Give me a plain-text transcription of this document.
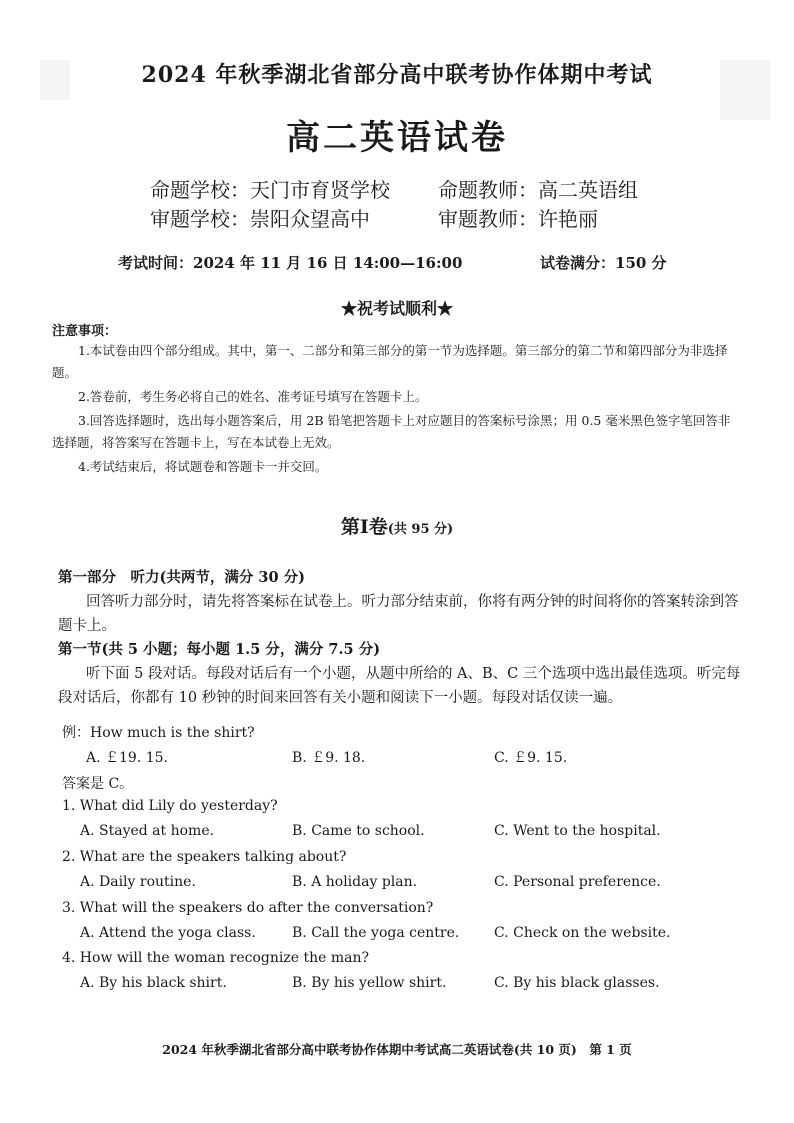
2024 年秋季湖北省部分高中联考协作体期中考试
高二英语试卷
命题学校：天门市育贤学校 命题教师：高二英语组
审题学校：崇阳众望高中	审题教师：许艳丽
考试时间：2024 年 11 月 16 日 14:00—16:00	试卷满分：150 分
★祝考试顺利★
注意事项：

1.本试卷由四个部分组成。其中，第一、二部分和第三部分的第一节为选择题。第三部分的第二节和第四部分为非选择题。

2.答卷前，考生务必将自己的姓名、准考证号填写在答题卡上。

3.回答选择题时，选出每小题答案后，用 2B 铅笔把答题卡上对应题目的答案标号涂黑；用 0.5 毫米黑色签字笔回答非选择题，将答案写在答题卡上，写在本试卷上无效。

4.考试结束后，将试题卷和答题卡一并交回。

第Ⅰ卷(共 95 分)

第一部分　听力(共两节，满分 30 分)

回答听力部分时，请先将答案标在试卷上。听力部分结束前，你将有两分钟的时间将你的答案转涂到答题卡上。

第一节(共 5 小题；每小题 1.5 分，满分 7.5 分)

听下面 5 段对话。每段对话后有一个小题，从题中所给的 A、B、C 三个选项中选出最佳选项。听完每段对话后，你都有 10 秒钟的时间来回答有关小题和阅读下一小题。每段对话仅读一遍。

例：How much is the shirt?
A. ￡19. 15.	B. ￡9. 18.	C. ￡9. 15.
答案是 C。
1. What did Lily do yesterday?
A. Stayed at home.	B. Came to school.	C. Went to the hospital.
2. What are the speakers talking about?
A. Daily routine.	B. A holiday plan.	C. Personal preference.
3. What will the speakers do after the conversation?
A. Attend the yoga class.	B. Call the yoga centre. C. Check on the website.
4. How will the woman recognize the man?
A. By his black shirt.	B. By his yellow shirt.	C. By his black glasses.
2024 年秋季湖北省部分高中联考协作体期中考试高二英语试卷(共 10 页)　第 1 页
